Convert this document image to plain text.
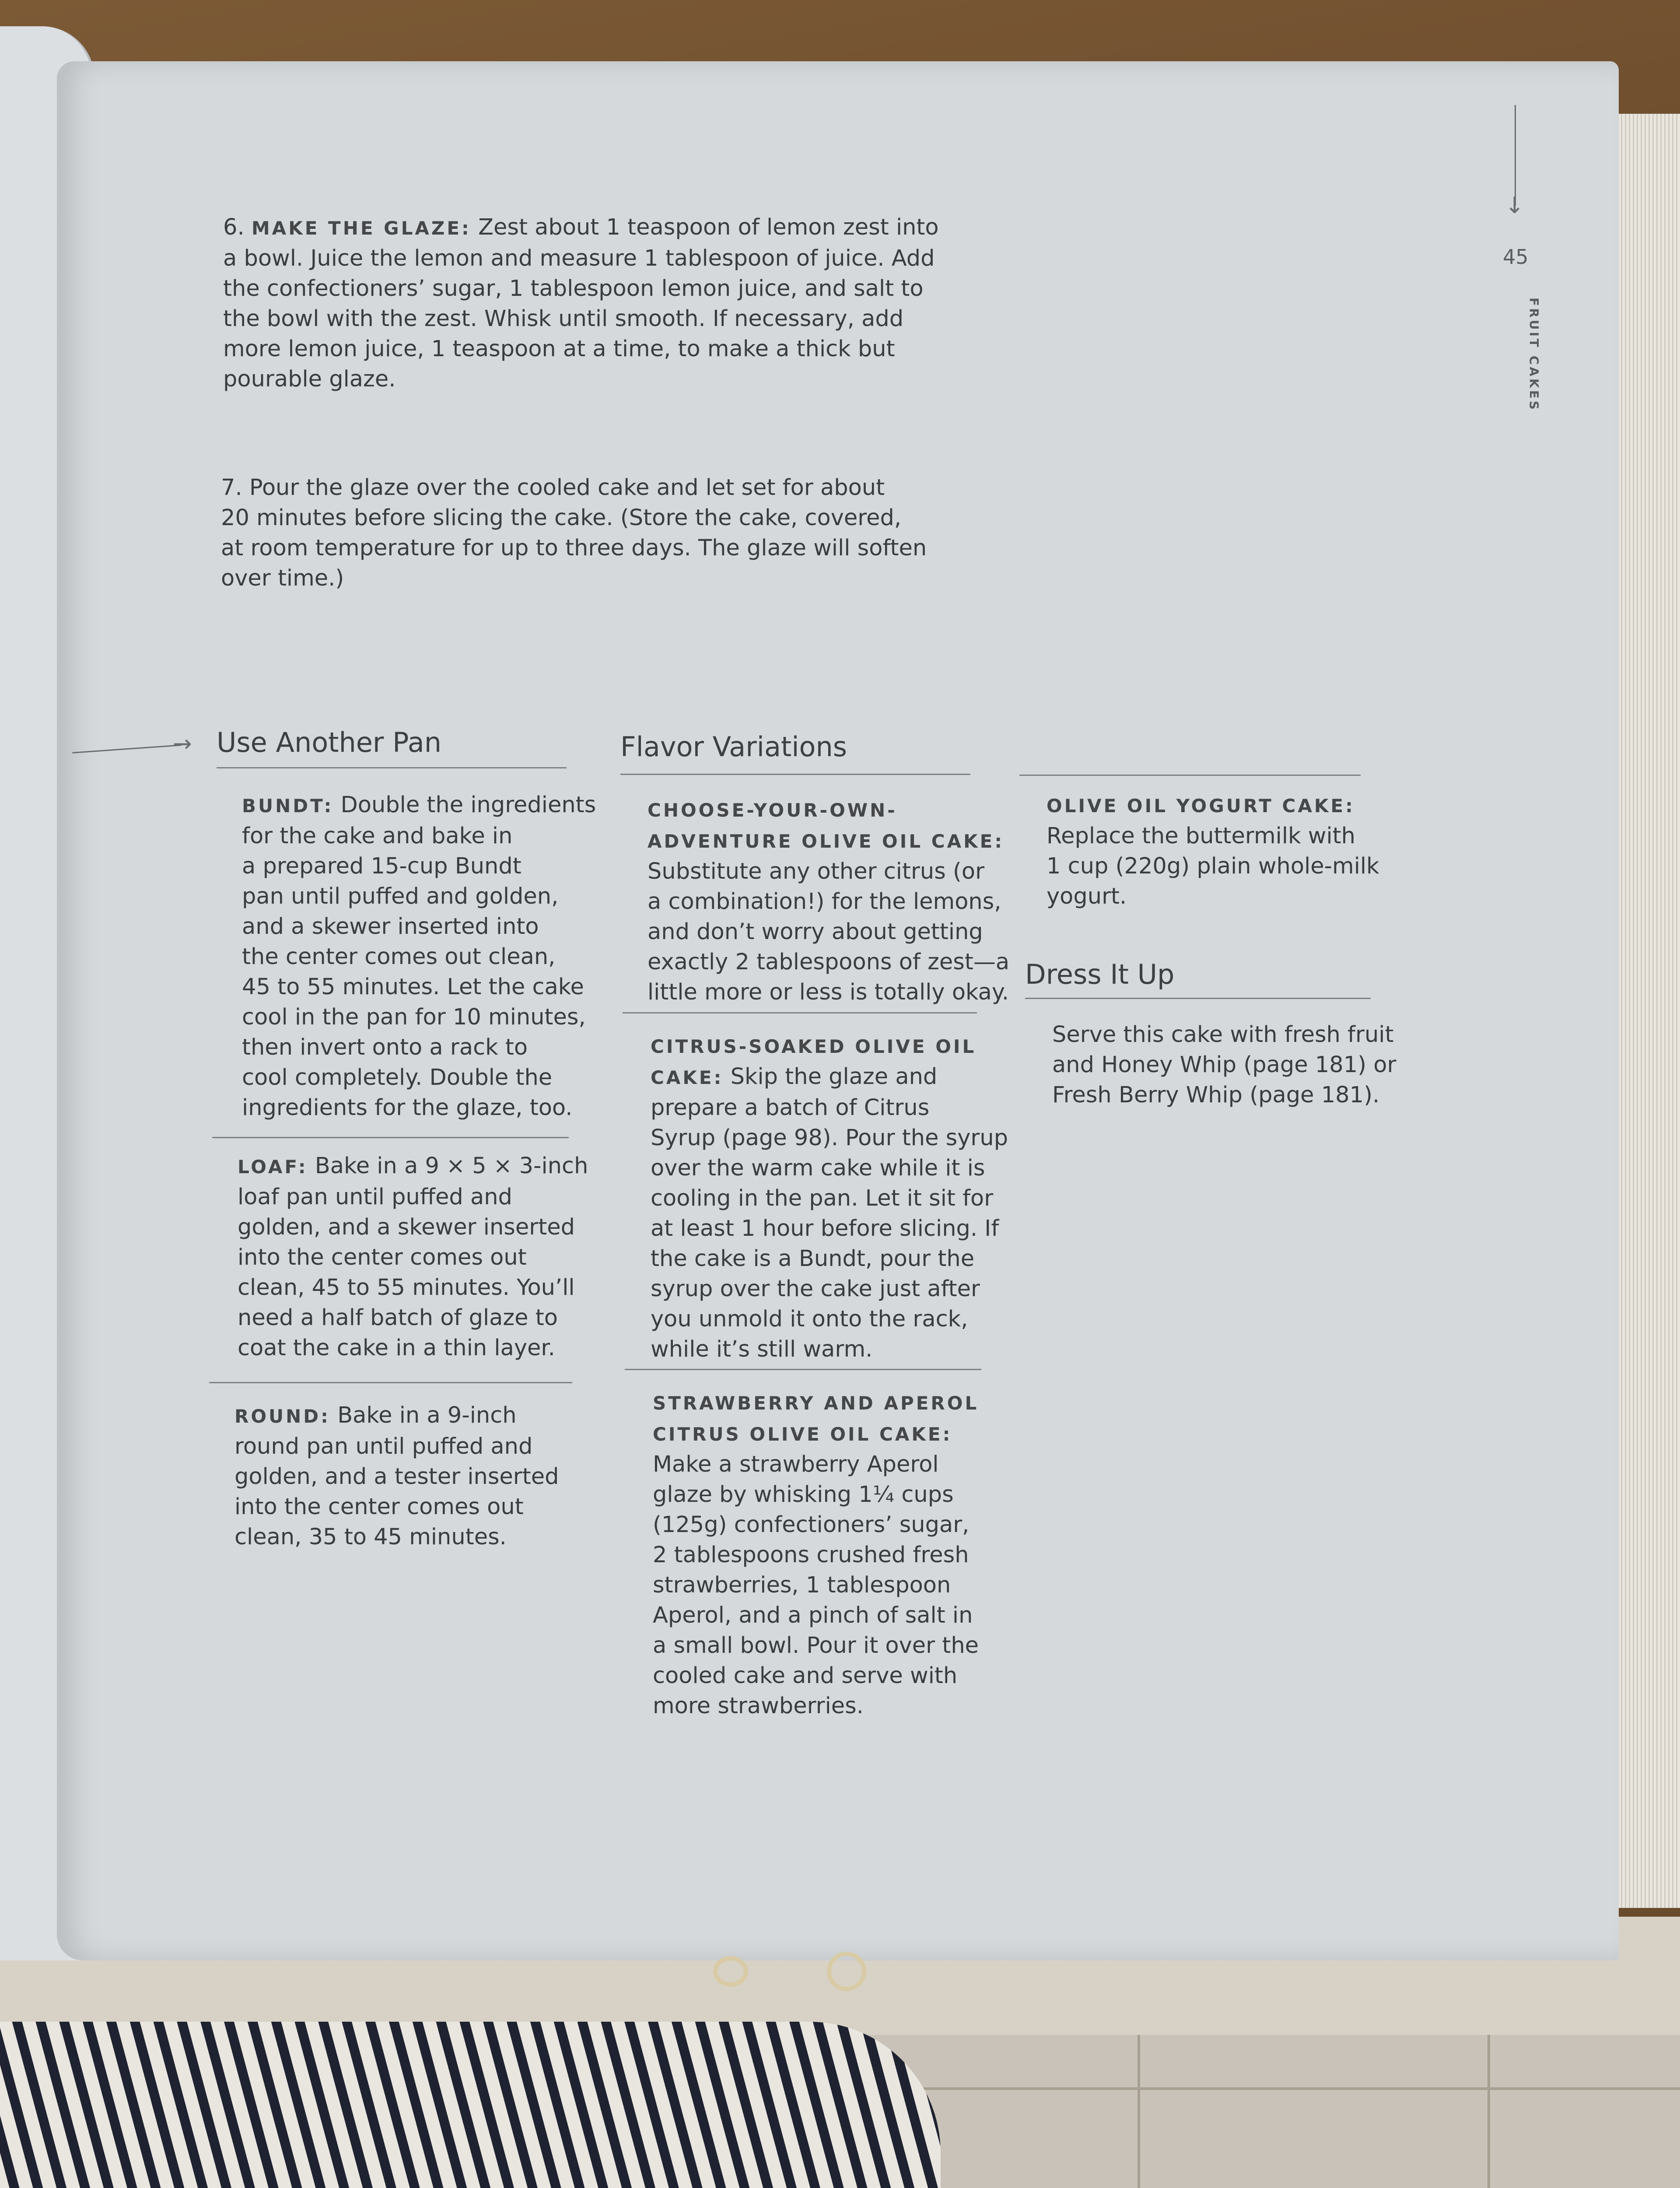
↓
45
FRUIT CAKES
6. MAKE THE GLAZE: Zest about 1 teaspoon of lemon zest into
a bowl. Juice the lemon and measure 1 tablespoon of juice. Add
the confectioners’ sugar, 1 tablespoon lemon juice, and salt to
the bowl with the zest. Whisk until smooth. If necessary, add
more lemon juice, 1 teaspoon at a time, to make a thick but
pourable glaze.
7. Pour the glaze over the cooled cake and let set for about
20 minutes before slicing the cake. (Store the cake, covered,
at room temperature for up to three days. The glaze will soften
over time.)
→ Use Another Pan
BUNDT: Double the ingredients
for the cake and bake in
a prepared 15-cup Bundt
pan until puffed and golden,
and a skewer inserted into
the center comes out clean,
45 to 55 minutes. Let the cake
cool in the pan for 10 minutes,
then invert onto a rack to
cool completely. Double the
ingredients for the glaze, too.
LOAF: Bake in a 9 × 5 × 3-inch
loaf pan until puffed and
golden, and a skewer inserted
into the center comes out
clean, 45 to 55 minutes. You’ll
need a half batch of glaze to
coat the cake in a thin layer.
ROUND: Bake in a 9-inch
round pan until puffed and
golden, and a tester inserted
into the center comes out
clean, 35 to 45 minutes.
Flavor Variations
CHOOSE-YOUR-OWN-
ADVENTURE OLIVE OIL CAKE:
Substitute any other citrus (or
a combination!) for the lemons,
and don’t worry about getting
exactly 2 tablespoons of zest—a
little more or less is totally okay.
CITRUS-SOAKED OLIVE OIL
CAKE: Skip the glaze and
prepare a batch of Citrus
Syrup (page 98). Pour the syrup
over the warm cake while it is
cooling in the pan. Let it sit for
at least 1 hour before slicing. If
the cake is a Bundt, pour the
syrup over the cake just after
you unmold it onto the rack,
while it’s still warm.
STRAWBERRY AND APEROL
CITRUS OLIVE OIL CAKE:
Make a strawberry Aperol
glaze by whisking 1¼ cups
(125g) confectioners’ sugar,
2 tablespoons crushed fresh
strawberries, 1 tablespoon
Aperol, and a pinch of salt in
a small bowl. Pour it over the
cooled cake and serve with
more strawberries.
OLIVE OIL YOGURT CAKE:
Replace the buttermilk with
1 cup (220g) plain whole-milk
yogurt.
Dress It Up
Serve this cake with fresh fruit
and Honey Whip (page 181) or
Fresh Berry Whip (page 181).
